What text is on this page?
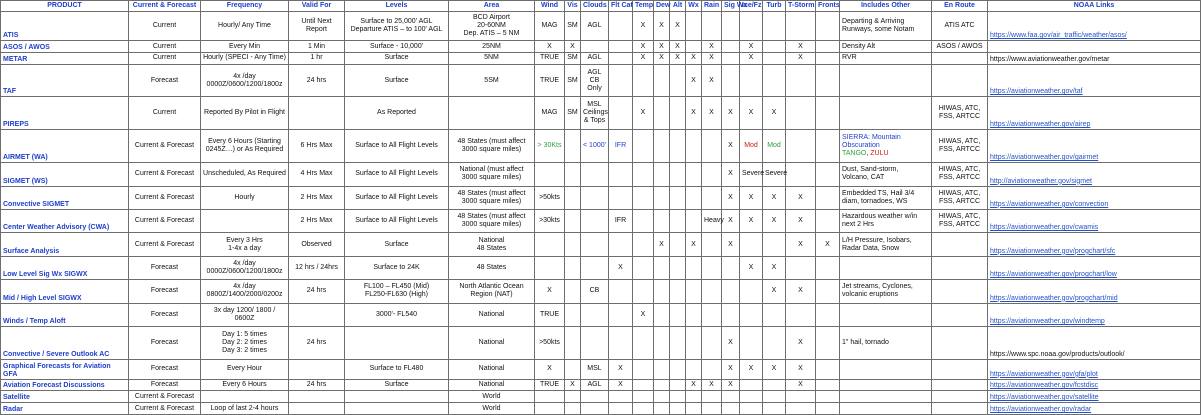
PRODUCT	Current & Forecast	Frequency	Valid For	Levels	Area	Wind	Vis	Clouds	Flt Cat	Temp	Dew	Alt	Wx	Rain	Sig Wx	Ice/Fz	Turb	T-Storm	Fronts	Includes Other	En Route	NOAA Links
ATIS	Current	Hourly/ Any Time	Until Next Report	Surface to 25,000' AGL
Departure ATIS – to 100' AGL	BCD Airport
20-60NM
Dep. ATIS – 5 NM	MAG	SM	AGL		X	X	X								Departing & Arriving
Runways, some Notam	ATIS ATC	https://www.faa.gov/air_traffic/weather/asos/
ASOS / AWOS	Current	Every Min	1 Min	Surface - 10,000'	25NM	X	X			X	X	X		X		X		X		Density Alt	ASOS / AWOS	
METAR	Current	Hourly (SPECI - Any Time)	1 hr	Surface	5NM	TRUE	SM	AGL		X	X	X	X	X		X		X		RVR		https://www.aviationweather.gov/metar
TAF	Forecast	4x /day
0000Z/0600/1200/1800z	24 hrs	Surface	5SM	TRUE	SM	AGL
CB
Only					X	X								https://aviationweather.gov/taf
PIREPS	Current	Reported By Pilot in Flight		As Reported		MAG	SM	MSL
Ceilings
& Tops		X			X	X	X	X	X				HIWAS, ATC,
FSS, ARTCC	https://aviationweather.gov/airep
AIRMET (WA)	Current & Forecast	Every 6 Hours (Starting
0245Z…) or As Required	6 Hrs Max	Surface to All Flight Levels	48 States (must affect
3000 square miles)	> 30Kts		< 1000'	IFR						X	Mod	Mod			SIERRA: Mountain
Obscuration
TANGO, ZULU	HIWAS, ATC,
FSS, ARTCC	https://aviationweather.gov/gairmet
SIGMET (WS)	Current & Forecast	Unscheduled, As Required	4 Hrs Max	Surface to All Flight Levels	National (must affect
3000 square miles)										X	Severe	Severe			Dust, Sand-storm,
Volcano, CAT	HIWAS, ATC,
FSS, ARTCC	http://aviationweather.gov/sigmet
Convective SIGMET	Current & Forecast	Hourly	2 Hrs Max	Surface to All Flight Levels	48 States (must affect
3000 square miles)	>50kts									X	X	X	X		Embedded TS, Hail 3/4
diam, tornadoes, WS	HIWAS, ATC,
FSS, ARTCC	https://aviationweather.gov/convection
Center Weather Advisory (CWA)	Current & Forecast		2 Hrs Max	Surface to All Flight Levels	48 States (must affect
3000 square miles)	>30kts			IFR					Heavy	X	X	X	X		Hazardous weather w/in
next 2 Hrs	HIWAS, ATC,
FSS, ARTCC	https://aviationweather.gov/cwamis
Surface Analysis	Current & Forecast	Every 3 Hrs
1-4x a day	Observed	Surface	National
48 States						X		X		X			X	X	L/H Pressure, Isobars,
Radar Data, Snow		https://aviationweather.gov/progchart/sfc
Low Level Sig Wx SIGWX	Forecast	4x /day
0000Z/0600/1200/1800z	12 hrs / 24hrs	Surface to 24K	48 States				X							X	X					https://aviationweather.gov/progchart/low
Mid / High Level SIGWX	Forecast	4x /day
0800Z/1400/2000/0200z	24 hrs	FL100 – FL450 (Mid)
FL250-FL630 (High)	North Atlantic Ocean
Region (NAT)	X		CB									X	X		Jet streams, Cyclones,
volcanic eruptions		https://aviationweather.gov/progchart/mid
Winds / Temp Aloft	Forecast	3x day 1200/ 1800 / 0600Z		3000'- FL540	National	TRUE				X												https://aviationweather.gov/windtemp
Convective / Severe Outlook AC	Forecast	Day 1: 5 times
Day 2: 2 times
Day 3: 2 times	24 hrs		National	>50kts									X			X		1" hail, tornado		https://www.spc.noaa.gov/products/outlook/
Graphical Forecasts for Aviation GFA	Forecast	Every Hour		Surface to FL480	National	X		MSL	X						X	X	X	X				https://aviationweather.gov/gfa/plot
Aviation Forecast Discussions	Forecast	Every 6 Hours	24 hrs	Surface	National	TRUE	X	AGL	X				X	X	X			X				https://aviationweather.gov/fcstdisc
Satellite	Current & Forecast				World																	https://aviationweather.gov/satellite
Radar	Current & Forecast	Loop of last 2-4 hours			World																	https://aviationweather.gov/radar
